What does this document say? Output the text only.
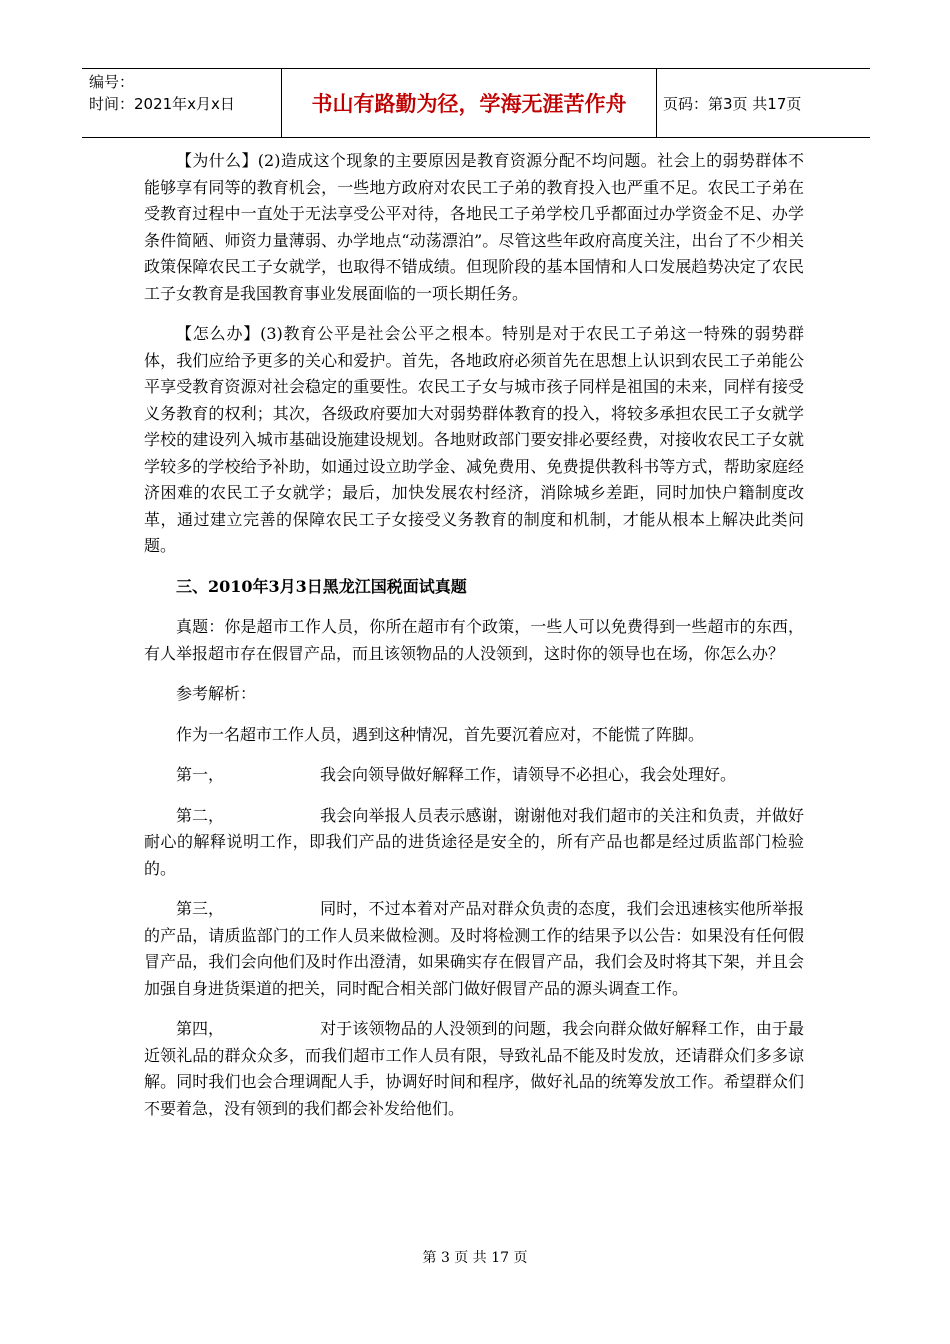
编号：
时间：2021年x月x日	书山有路勤为径，学海无涯苦作舟	页码：第3页 共17页

【为什么】(2)造成这个现象的主要原因是教育资源分配不均问题。社会上的弱势群体不能够享有同等的教育机会，一些地方政府对农民工子弟的教育投入也严重不足。农民工子弟在受教育过程中一直处于无法享受公平对待，各地民工子弟学校几乎都面过办学资金不足、办学条件简陋、师资力量薄弱、办学地点“动荡漂泊”。尽管这些年政府高度关注，出台了不少相关政策保障农民工子女就学，也取得不错成绩。但现阶段的基本国情和人口发展趋势决定了农民工子女教育是我国教育事业发展面临的一项长期任务。

【怎么办】(3)教育公平是社会公平之根本。特别是对于农民工子弟这一特殊的弱势群体，我们应给予更多的关心和爱护。首先，各地政府必须首先在思想上认识到农民工子弟能公平享受教育资源对社会稳定的重要性。农民工子女与城市孩子同样是祖国的未来，同样有接受义务教育的权利；其次，各级政府要加大对弱势群体教育的投入，将较多承担农民工子女就学学校的建设列入城市基础设施建设规划。各地财政部门要安排必要经费，对接收农民工子女就学较多的学校给予补助，如通过设立助学金、减免费用、免费提供教科书等方式，帮助家庭经济困难的农民工子女就学；最后，加快发展农村经济，消除城乡差距，同时加快户籍制度改革，通过建立完善的保障农民工子女接受义务教育的制度和机制，才能从根本上解决此类问题。

三、2010年3月3日黑龙江国税面试真题

真题：你是超市工作人员，你所在超市有个政策，一些人可以免费得到一些超市的东西，有人举报超市存在假冒产品，而且该领物品的人没领到，这时你的领导也在场，你怎么办？

参考解析：

作为一名超市工作人员，遇到这种情况，首先要沉着应对，不能慌了阵脚。

第一，	我会向领导做好解释工作，请领导不必担心，我会处理好。

第二，	我会向举报人员表示感谢，谢谢他对我们超市的关注和负责，并做好耐心的解释说明工作，即我们产品的进货途径是安全的，所有产品也都是经过质监部门检验的。

第三，	同时，不过本着对产品对群众负责的态度，我们会迅速核实他所举报的产品，请质监部门的工作人员来做检测。及时将检测工作的结果予以公告：如果没有任何假冒产品，我们会向他们及时作出澄清，如果确实存在假冒产品，我们会及时将其下架，并且会加强自身进货渠道的把关，同时配合相关部门做好假冒产品的源头调查工作。

第四，	对于该领物品的人没领到的问题，我会向群众做好解释工作，由于最近领礼品的群众众多，而我们超市工作人员有限，导致礼品不能及时发放，还请群众们多多谅解。同时我们也会合理调配人手，协调好时间和程序，做好礼品的统筹发放工作。希望群众们不要着急，没有领到的我们都会补发给他们。

第 3 页 共 17 页
